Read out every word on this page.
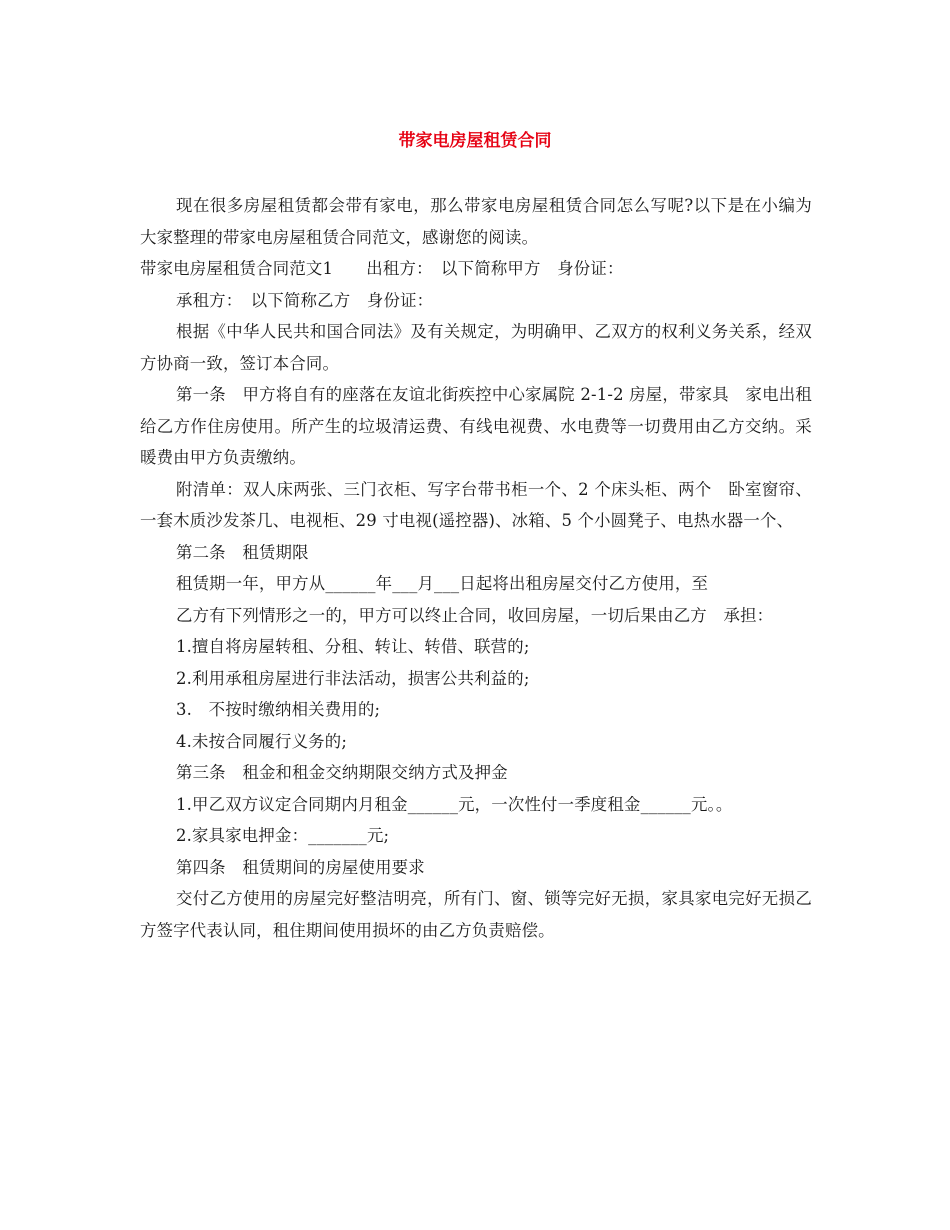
带家电房屋租赁合同

现在很多房屋租赁都会带有家电，那么带家电房屋租赁合同怎么写呢?以下是在小编为大家整理的带家电房屋租赁合同范文，感谢您的阅读。

带家电房屋租赁合同范文1　　出租方：　以下简称甲方　身份证：

承租方：　以下简称乙方　身份证：

根据《中华人民共和国合同法》及有关规定，为明确甲、乙双方的权利义务关系，经双方协商一致，签订本合同。

第一条　甲方将自有的座落在友谊北街疾控中心家属院 2-1-2 房屋，带家具　家电出租给乙方作住房使用。所产生的垃圾清运费、有线电视费、水电费等一切费用由乙方交纳。采暖费由甲方负责缴纳。

附清单：双人床两张、三门衣柜、写字台带书柜一个、2 个床头柜、两个　卧室窗帘、一套木质沙发茶几、电视柜、29 寸电视(遥控器)、冰箱、5 个小圆凳子、电热水器一个、

第二条　租赁期限

租赁期一年，甲方从______年___月___日起将出租房屋交付乙方使用，至

乙方有下列情形之一的，甲方可以终止合同，收回房屋，一切后果由乙方　承担：

1.擅自将房屋转租、分租、转让、转借、联营的;

2.利用承租房屋进行非法活动，损害公共利益的;

3.　不按时缴纳相关费用的;

4.未按合同履行义务的;

第三条　租金和租金交纳期限交纳方式及押金

1.甲乙双方议定合同期内月租金______元，一次性付一季度租金______元。。

2.家具家电押金：_______元;

第四条　租赁期间的房屋使用要求

交付乙方使用的房屋完好整洁明亮，所有门、窗、锁等完好无损，家具家电完好无损乙方签字代表认同，租住期间使用损坏的由乙方负责赔偿。
